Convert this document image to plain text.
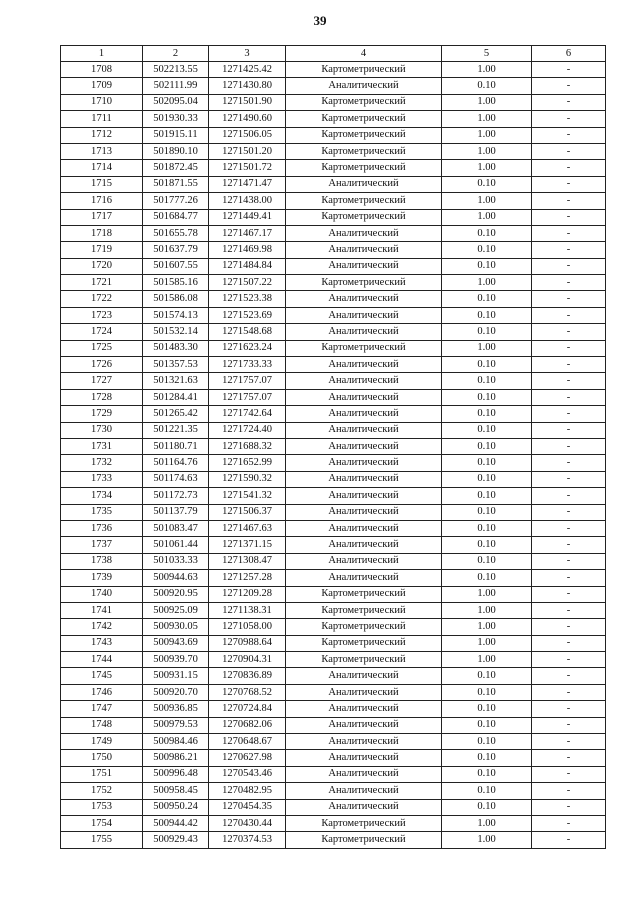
39
1	2	3	4	5	6
1708	502213.55	1271425.42	Картометрический	1.00	-
1709	502111.99	1271430.80	Аналитический	0.10	-
1710	502095.04	1271501.90	Картометрический	1.00	-
1711	501930.33	1271490.60	Картометрический	1.00	-
1712	501915.11	1271506.05	Картометрический	1.00	-
1713	501890.10	1271501.20	Картометрический	1.00	-
1714	501872.45	1271501.72	Картометрический	1.00	-
1715	501871.55	1271471.47	Аналитический	0.10	-
1716	501777.26	1271438.00	Картометрический	1.00	-
1717	501684.77	1271449.41	Картометрический	1.00	-
1718	501655.78	1271467.17	Аналитический	0.10	-
1719	501637.79	1271469.98	Аналитический	0.10	-
1720	501607.55	1271484.84	Аналитический	0.10	-
1721	501585.16	1271507.22	Картометрический	1.00	-
1722	501586.08	1271523.38	Аналитический	0.10	-
1723	501574.13	1271523.69	Аналитический	0.10	-
1724	501532.14	1271548.68	Аналитический	0.10	-
1725	501483.30	1271623.24	Картометрический	1.00	-
1726	501357.53	1271733.33	Аналитический	0.10	-
1727	501321.63	1271757.07	Аналитический	0.10	-
1728	501284.41	1271757.07	Аналитический	0.10	-
1729	501265.42	1271742.64	Аналитический	0.10	-
1730	501221.35	1271724.40	Аналитический	0.10	-
1731	501180.71	1271688.32	Аналитический	0.10	-
1732	501164.76	1271652.99	Аналитический	0.10	-
1733	501174.63	1271590.32	Аналитический	0.10	-
1734	501172.73	1271541.32	Аналитический	0.10	-
1735	501137.79	1271506.37	Аналитический	0.10	-
1736	501083.47	1271467.63	Аналитический	0.10	-
1737	501061.44	1271371.15	Аналитический	0.10	-
1738	501033.33	1271308.47	Аналитический	0.10	-
1739	500944.63	1271257.28	Аналитический	0.10	-
1740	500920.95	1271209.28	Картометрический	1.00	-
1741	500925.09	1271138.31	Картометрический	1.00	-
1742	500930.05	1271058.00	Картометрический	1.00	-
1743	500943.69	1270988.64	Картометрический	1.00	-
1744	500939.70	1270904.31	Картометрический	1.00	-
1745	500931.15	1270836.89	Аналитический	0.10	-
1746	500920.70	1270768.52	Аналитический	0.10	-
1747	500936.85	1270724.84	Аналитический	0.10	-
1748	500979.53	1270682.06	Аналитический	0.10	-
1749	500984.46	1270648.67	Аналитический	0.10	-
1750	500986.21	1270627.98	Аналитический	0.10	-
1751	500996.48	1270543.46	Аналитический	0.10	-
1752	500958.45	1270482.95	Аналитический	0.10	-
1753	500950.24	1270454.35	Аналитический	0.10	-
1754	500944.42	1270430.44	Картометрический	1.00	-
1755	500929.43	1270374.53	Картометрический	1.00	-
